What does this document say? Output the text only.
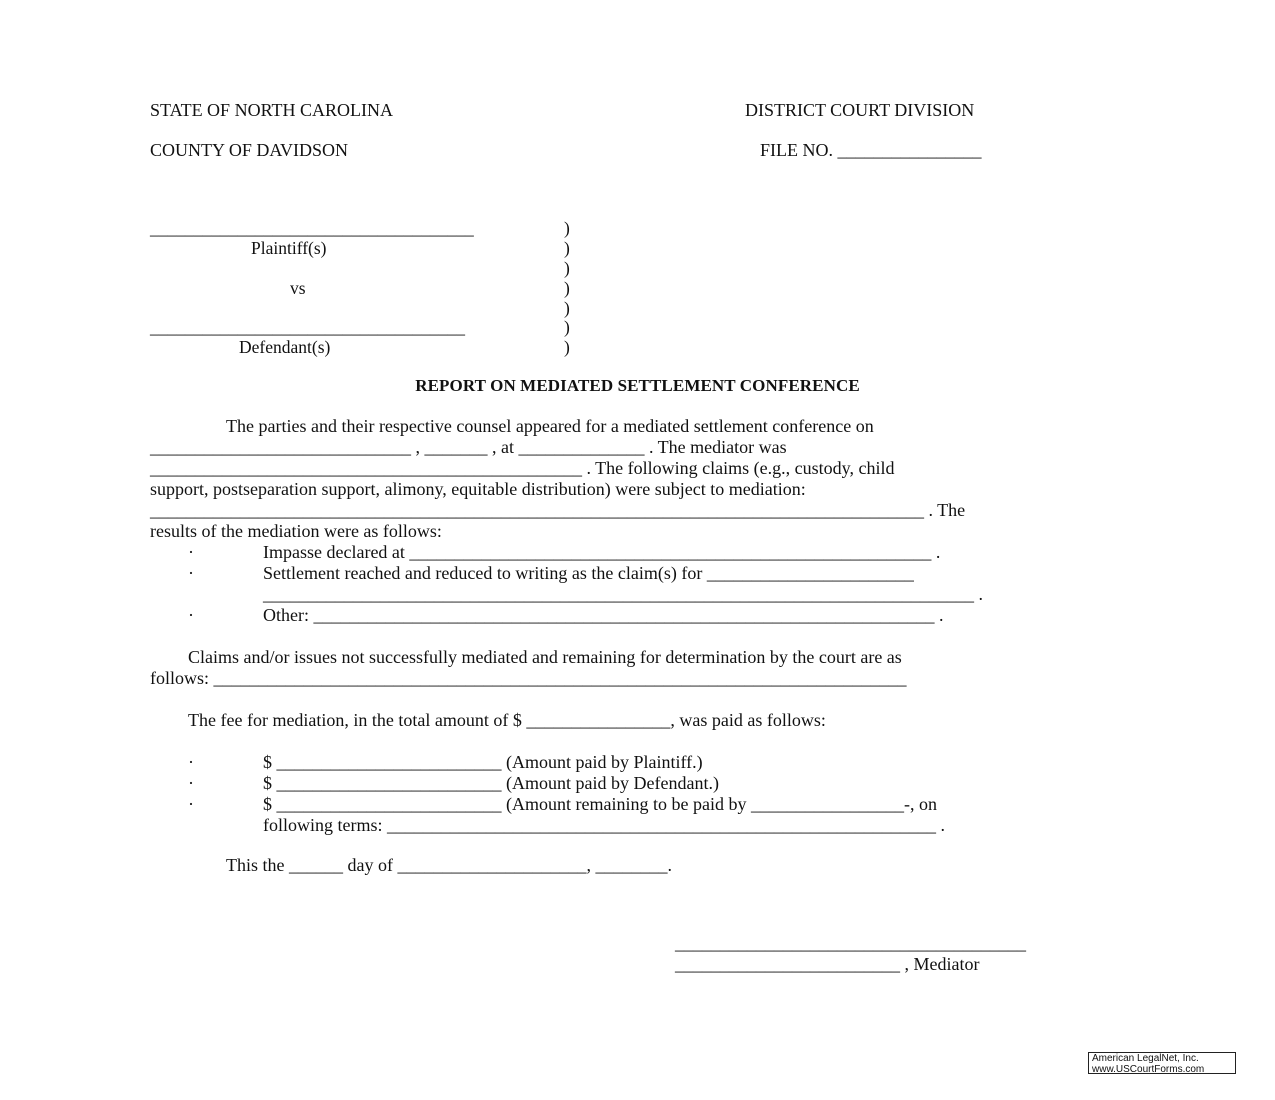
STATE OF NORTH CAROLINA	DISTRICT COURT DIVISION
COUNTY OF DAVIDSON	FILE NO. ________________
_____________________________________
Plaintiff(s)
vs
____________________________________
Defendant(s)
)
)
)
)
)
)
)
REPORT ON MEDIATED SETTLEMENT CONFERENCE
The parties and their respective counsel appeared for a mediated settlement conference on
_____________________________ , _______ , at ______________ . The mediator was
________________________________________________ . The following claims (e.g., custody, child
support, postseparation support, alimony, equitable distribution) were subject to mediation:
______________________________________________________________________________________ . The
results of the mediation were as follows:
·	Impasse declared at __________________________________________________________ .
·	Settlement reached and reduced to writing as the claim(s) for _______________________
_______________________________________________________________________________ .
·	Other: _____________________________________________________________________ .
Claims and/or issues not successfully mediated and remaining for determination by the court are as
follows: _____________________________________________________________________________
The fee for mediation, in the total amount of $ ________________, was paid as follows:
·	$ _________________________ (Amount paid by Plaintiff.)
·	$ _________________________ (Amount paid by Defendant.)
·	$ _________________________ (Amount remaining to be paid by _________________-, on
following terms: _____________________________________________________________ .
This the ______ day of _____________________, ________.
_______________________________________
_________________________ , Mediator
American LegalNet, Inc.
www.USCourtForms.com
